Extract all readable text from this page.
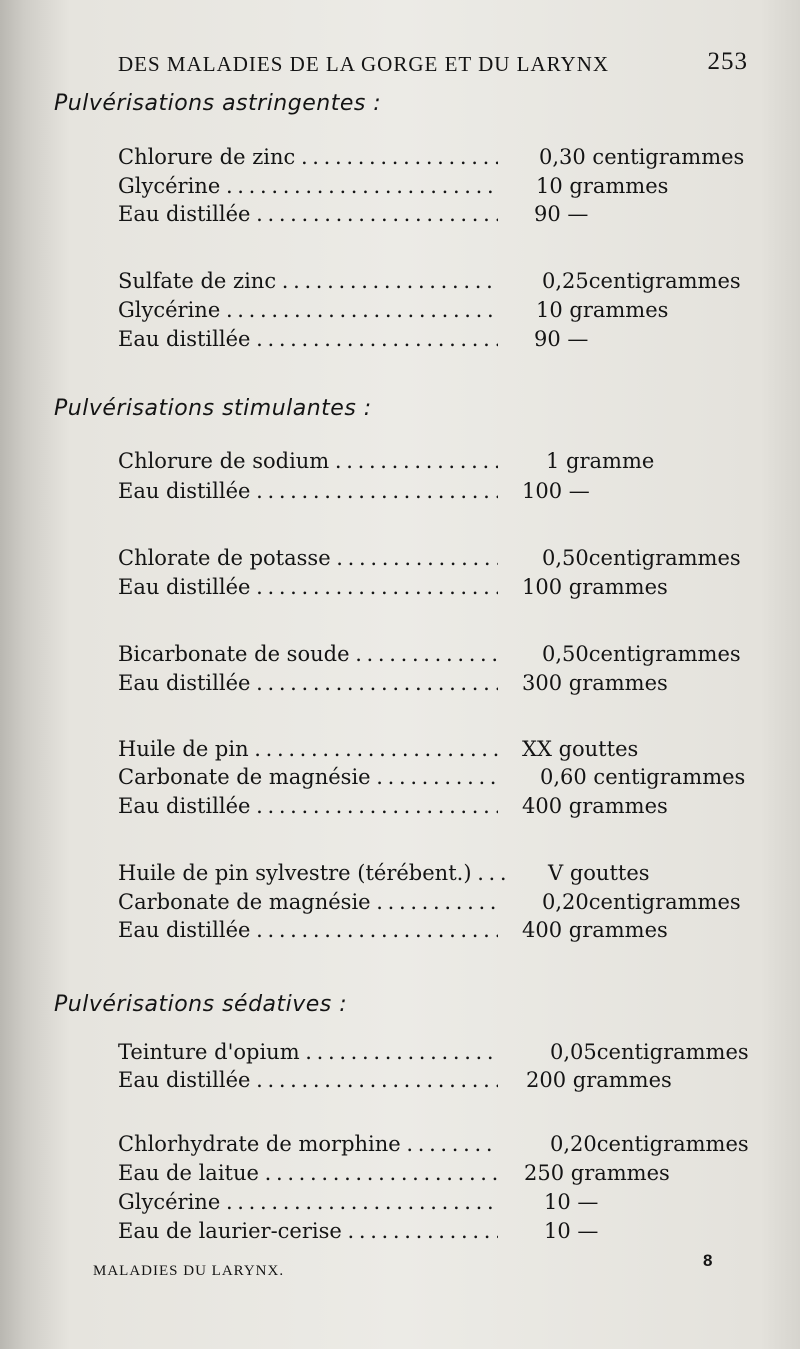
DES MALADIES DE LA GORGE ET DU LARYNX	253
Pulvérisations astringentes :
Chlorure de zinc . . .	0,30 centigrammes
Glycérine . . .	10 grammes
Eau distillée . . .	90 —
Sulfate de zinc . . .	0,25centigrammes
Glycérine . . .	10 grammes
Eau distillée . . .	90 —
Pulvérisations stimulantes :
Chlorure de sodium . . .	1 gramme
Eau distillée . . .	100 —
Chlorate de potasse . . .	0,50centigrammes
Eau distillée . . .	100 grammes
Bicarbonate de soude . . .	0,50centigrammes
Eau distillée . . .	300 grammes
Huile de pin . . .	XX gouttes
Carbonate de magnésie . . .	0,60 centigrammes
Eau distillée . . .	400 grammes
Huile de pin sylvestre (térébent.) . . .	V gouttes
Carbonate de magnésie . . .	0,20centigrammes
Eau distillée . . .	400 grammes
Pulvérisations sédatives :
Teinture d'opium . . .	0,05centigrammes
Eau distillée . . .	200 grammes
Chlorhydrate de morphine . . .	0,20centigrammes
Eau de laitue . . .	250 grammes
Glycérine . . .	10 —
Eau de laurier-cerise . . .	10 —
MALADIES DU LARYNX.
8
